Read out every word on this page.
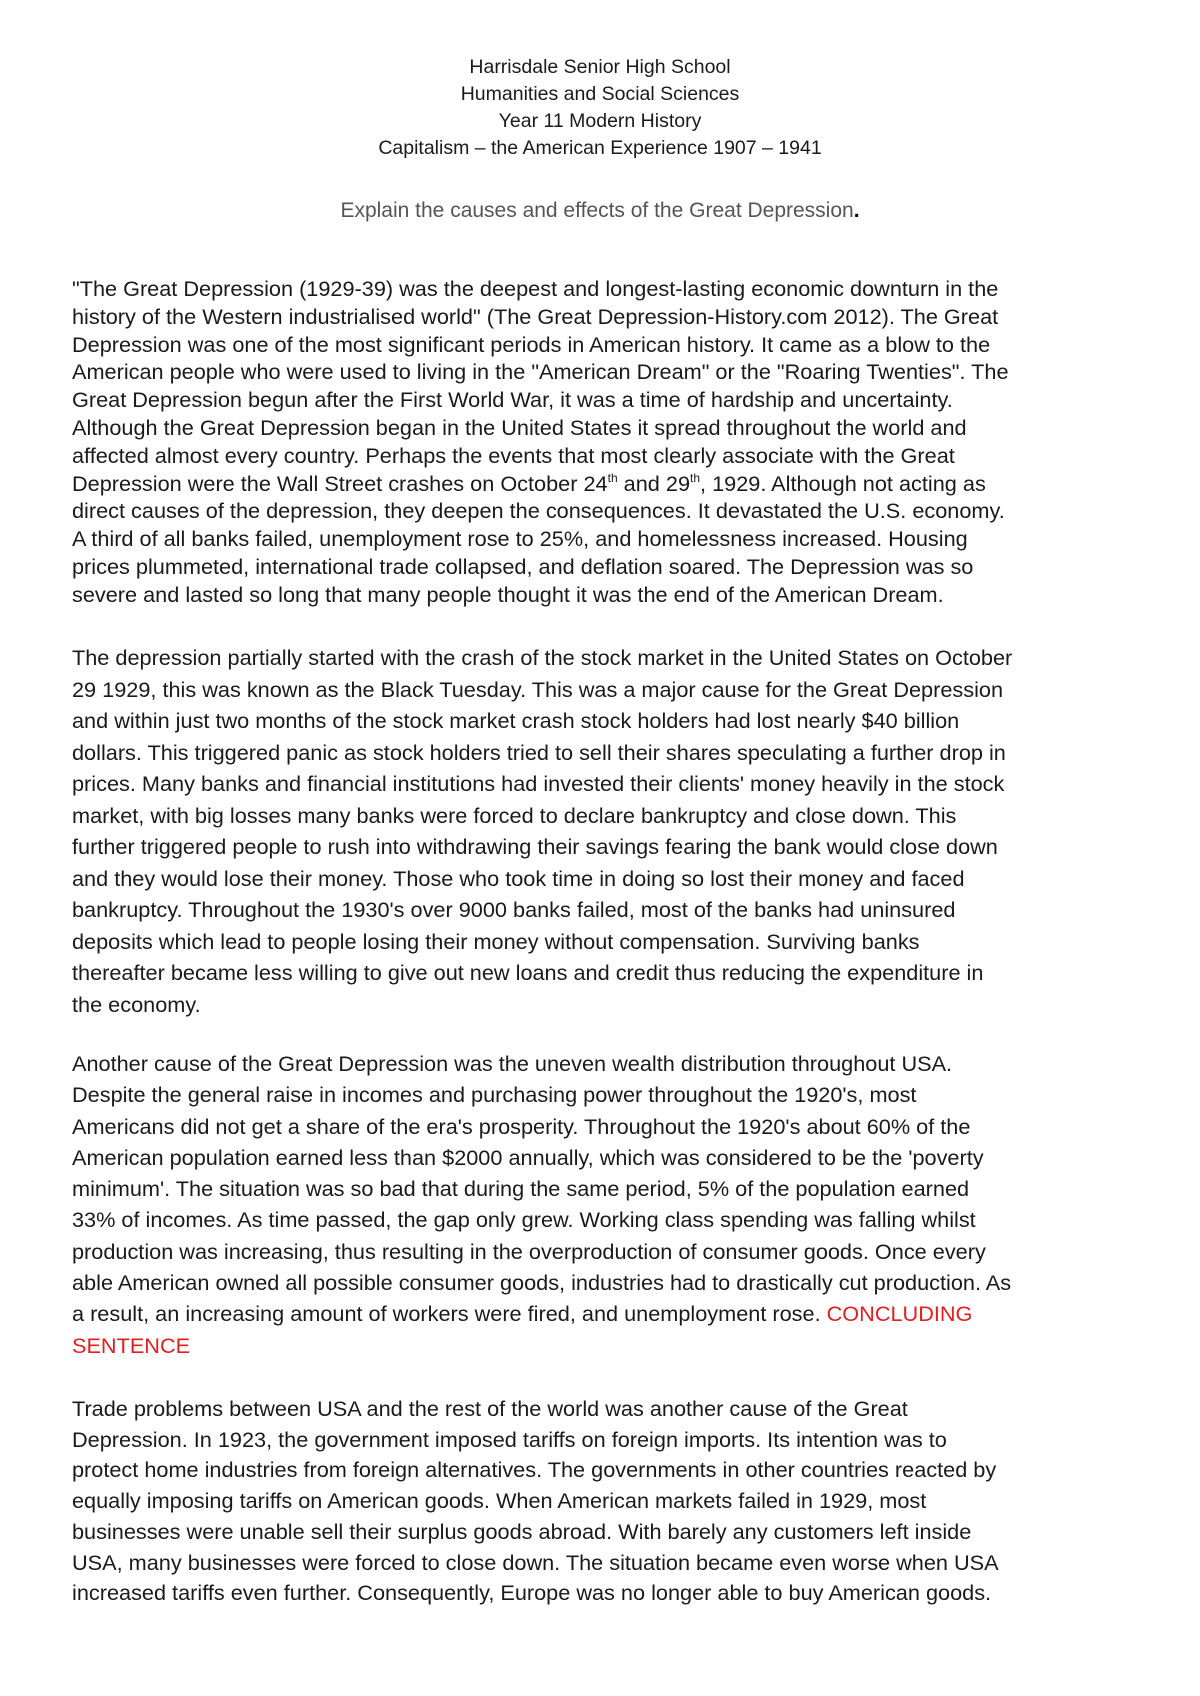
Harrisdale Senior High School
Humanities and Social Sciences
Year 11 Modern History
Capitalism – the American Experience 1907 – 1941
Explain the causes and effects of the Great Depression.
"The Great Depression (1929-39) was the deepest and longest-lasting economic downturn in the
history of the Western industrialised world" (The Great Depression-History.com 2012). The Great
Depression was one of the most significant periods in American history. It came as a blow to the
American people who were used to living in the "American Dream" or the "Roaring Twenties". The
Great Depression begun after the First World War, it was a time of hardship and uncertainty.
Although the Great Depression began in the United States it spread throughout the world and
affected almost every country. Perhaps the events that most clearly associate with the Great
Depression were the Wall Street crashes on October 24th and 29th, 1929. Although not acting as
direct causes of the depression, they deepen the consequences. It devastated the U.S. economy.
A third of all banks failed, unemployment rose to 25%, and homelessness increased. Housing
prices plummeted, international trade collapsed, and deflation soared. The Depression was so
severe and lasted so long that many people thought it was the end of the American Dream.
The depression partially started with the crash of the stock market in the United States on October
29 1929, this was known as the Black Tuesday. This was a major cause for the Great Depression
and within just two months of the stock market crash stock holders had lost nearly $40 billion
dollars. This triggered panic as stock holders tried to sell their shares speculating a further drop in
prices. Many banks and financial institutions had invested their clients' money heavily in the stock
market, with big losses many banks were forced to declare bankruptcy and close down. This
further triggered people to rush into withdrawing their savings fearing the bank would close down
and they would lose their money. Those who took time in doing so lost their money and faced
bankruptcy. Throughout the 1930's over 9000 banks failed, most of the banks had uninsured
deposits which lead to people losing their money without compensation. Surviving banks
thereafter became less willing to give out new loans and credit thus reducing the expenditure in
the economy.
Another cause of the Great Depression was the uneven wealth distribution throughout USA.
Despite the general raise in incomes and purchasing power throughout the 1920's, most
Americans did not get a share of the era's prosperity. Throughout the 1920's about 60% of the
American population earned less than $2000 annually, which was considered to be the 'poverty
minimum'. The situation was so bad that during the same period, 5% of the population earned
33% of incomes. As time passed, the gap only grew. Working class spending was falling whilst
production was increasing, thus resulting in the overproduction of consumer goods. Once every
able American owned all possible consumer goods, industries had to drastically cut production. As
a result, an increasing amount of workers were fired, and unemployment rose. CONCLUDING
SENTENCE
Trade problems between USA and the rest of the world was another cause of the Great
Depression. In 1923, the government imposed tariffs on foreign imports. Its intention was to
protect home industries from foreign alternatives. The governments in other countries reacted by
equally imposing tariffs on American goods. When American markets failed in 1929, most
businesses were unable sell their surplus goods abroad. With barely any customers left inside
USA, many businesses were forced to close down. The situation became even worse when USA
increased tariffs even further. Consequently, Europe was no longer able to buy American goods.
